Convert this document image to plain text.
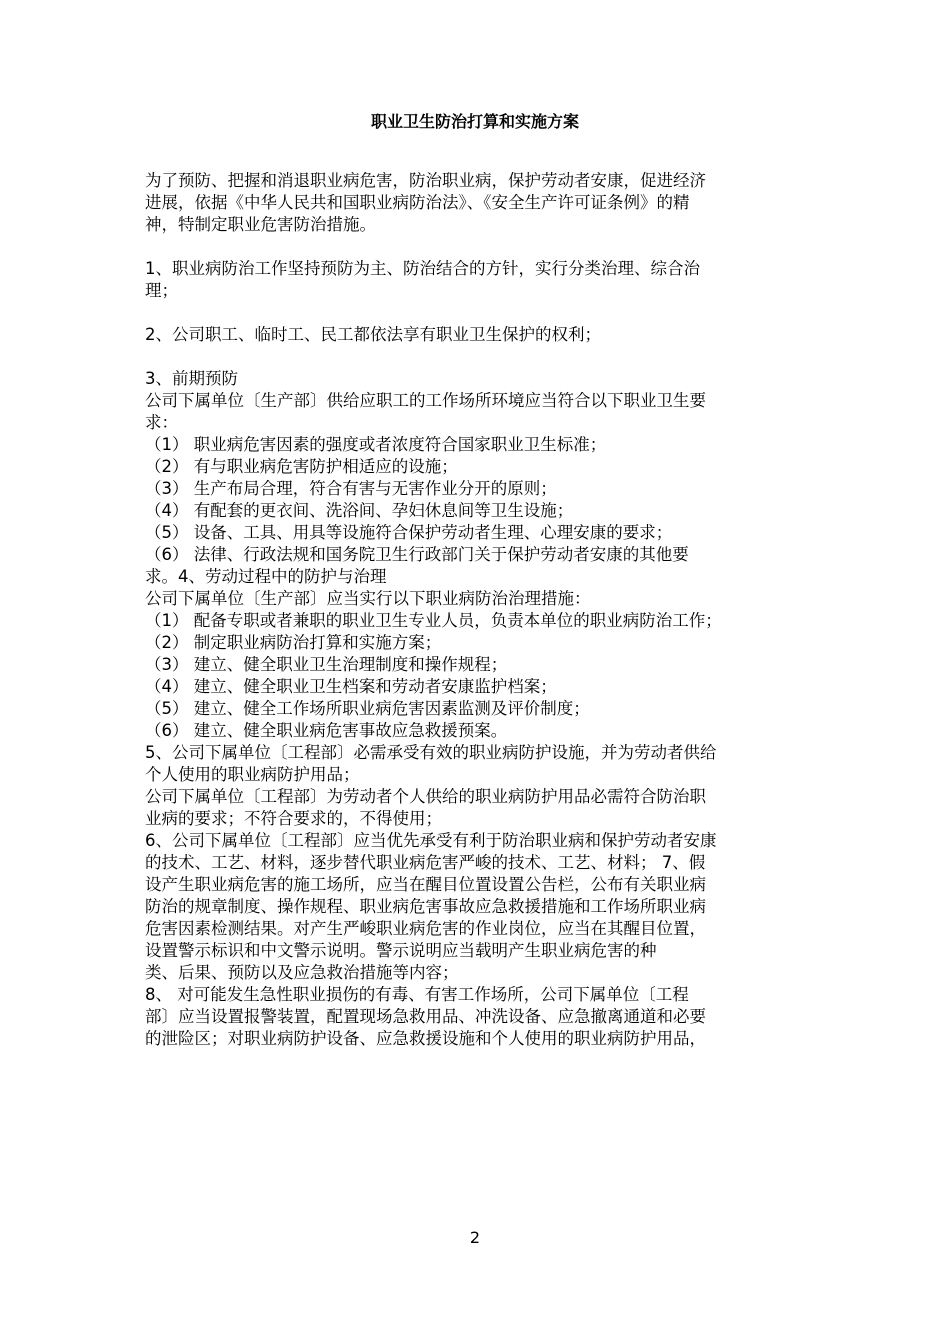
职业卫生防治打算和实施方案
为了预防、把握和消退职业病危害，防治职业病，保护劳动者安康，促进经济
进展，依据《中华人民共和国职业病防治法》、《安全生产许可证条例》的精
神，特制定职业危害防治措施。
1、职业病防治工作坚持预防为主、防治结合的方针，实行分类治理、综合治
理；
2、公司职工、临时工、民工都依法享有职业卫生保护的权利；
3、前期预防
公司下属单位〔生产部〕供给应职工的工作场所环境应当符合以下职业卫生要
求：
（1） 职业病危害因素的强度或者浓度符合国家职业卫生标准；
（2） 有与职业病危害防护相适应的设施；
（3） 生产布局合理，符合有害与无害作业分开的原则；
（4） 有配套的更衣间、洗浴间、孕妇休息间等卫生设施；
（5） 设备、工具、用具等设施符合保护劳动者生理、心理安康的要求；
（6） 法律、行政法规和国务院卫生行政部门关于保护劳动者安康的其他要
求。4、劳动过程中的防护与治理
公司下属单位〔生产部〕应当实行以下职业病防治治理措施：
（1） 配备专职或者兼职的职业卫生专业人员，负责本单位的职业病防治工作；
（2） 制定职业病防治打算和实施方案；
（3） 建立、健全职业卫生治理制度和操作规程；
（4） 建立、健全职业卫生档案和劳动者安康监护档案；
（5） 建立、健全工作场所职业病危害因素监测及评价制度；
（6） 建立、健全职业病危害事故应急救援预案。
5、公司下属单位〔工程部〕必需承受有效的职业病防护设施，并为劳动者供给
个人使用的职业病防护用品；
公司下属单位〔工程部〕为劳动者个人供给的职业病防护用品必需符合防治职
业病的要求；不符合要求的，不得使用；
6、公司下属单位〔工程部〕应当优先承受有利于防治职业病和保护劳动者安康
的技术、工艺、材料，逐步替代职业病危害严峻的技术、工艺、材料； 7、假
设产生职业病危害的施工场所，应当在醒目位置设置公告栏，公布有关职业病
防治的规章制度、操作规程、职业病危害事故应急救援措施和工作场所职业病
危害因素检测结果。对产生严峻职业病危害的作业岗位，应当在其醒目位置，
设置警示标识和中文警示说明。警示说明应当载明产生职业病危害的种
类、后果、预防以及应急救治措施等内容；
8、 对可能发生急性职业损伤的有毒、有害工作场所，公司下属单位〔工程
部〕应当设置报警装置，配置现场急救用品、冲洗设备、应急撤离通道和必要
的泄险区；对职业病防护设备、应急救援设施和个人使用的职业病防护用品，
2
